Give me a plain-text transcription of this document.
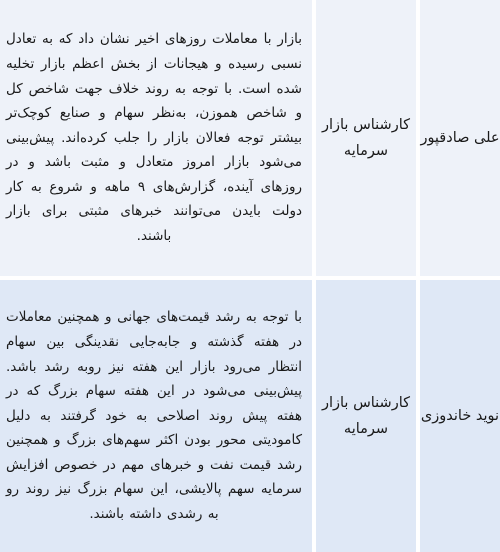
علی صادقپور
کارشناس بازار سرمایه
بازار با معاملات روزهای اخیر نشان داد که به تعادل نسبی رسیده و هیجانات از بخش اعظم بازار تخلیه شده است. با توجه به روند خلاف جهت شاخص کل و شاخص هموزن، به‌نظر سهام و صنایع کوچک‌تر بیشتر توجه فعالان بازار را جلب کرده‌اند. پیش‌بینی می‌شود بازار امروز متعادل و مثبت باشد و در روزهای آینده، گزارش‌های ۹ ماهه و شروع به کار دولت بایدن می‌توانند خبرهای مثبتی برای بازار باشند.
نوید خاندوزی
کارشناس بازار سرمایه
با توجه به رشد قیمت‌های جهانی و همچنین معاملات در هفته گذشته و جابه‌جایی نقدینگی بین سهام انتظار می‌رود بازار این هفته نیز روبه رشد باشد. پیش‌بینی می‌شود در این هفته سهام بزرگ که در هفته پیش روند اصلاحی به خود گرفتند به دلیل کامودیتی محور بودن اکثر سهم‌های بزرگ و همچنین رشد قیمت نفت و خبرهای مهم در خصوص افزایش سرمایه سهم پالایشی، این سهام بزرگ نیز روند رو به رشدی داشته باشند.
